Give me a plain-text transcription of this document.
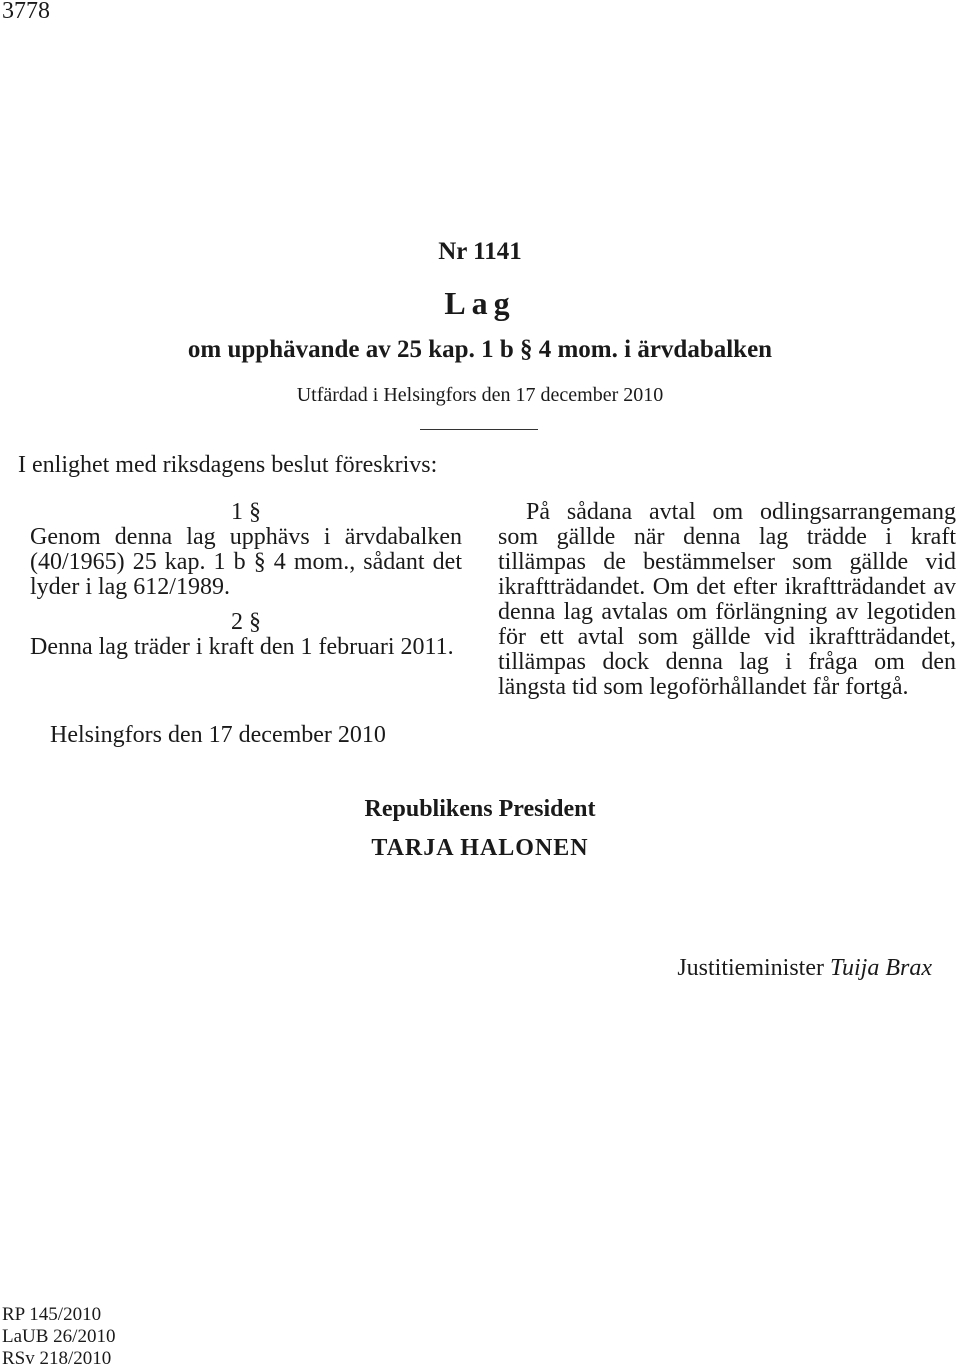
3778
Nr 1141
Lag
om upphävande av 25 kap. 1 b § 4 mom. i ärvdabalken
Utfärdad i Helsingfors den 17 december 2010
I enlighet med riksdagens beslut föreskrivs:

1 §

Genom denna lag upphävs i ärvdabalken (40/1965) 25 kap. 1 b § 4 mom., sådant det lyder i lag 612/1989.

2 §

Denna lag träder i kraft den 1 februari 2011.

På sådana avtal om odlingsarrangemang som gällde när denna lag trädde i kraft tillämpas de bestämmelser som gällde vid ikraftträdandet. Om det efter ikraftträdandet av denna lag avtalas om förlängning av legotiden för ett avtal som gällde vid ikraftträdandet, tillämpas dock denna lag i fråga om den längsta tid som legoförhållandet får fortgå.

Helsingfors den 17 december 2010
Republikens President
TARJA HALONEN
Justitieminister Tuija Brax
RP 145/2010
LaUB 26/2010
RSv 218/2010
